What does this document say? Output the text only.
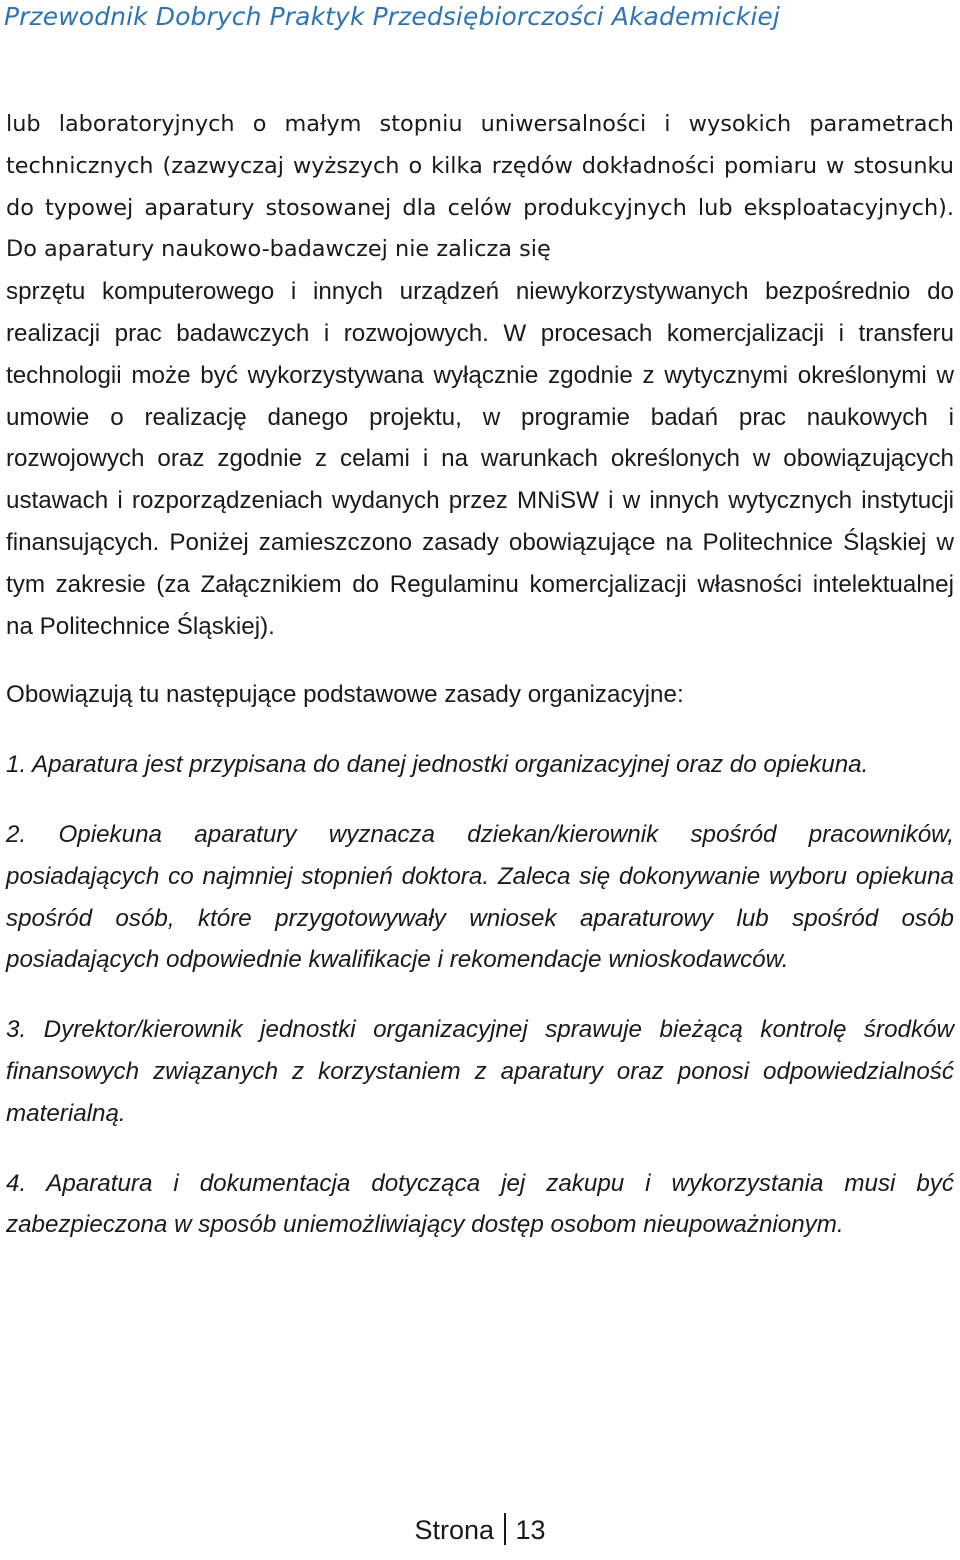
Przewodnik Dobrych Praktyk Przedsiębiorczości Akademickiej

lub laboratoryjnych o małym stopniu uniwersalności i wysokich parametrach technicznych (zazwyczaj wyższych o kilka rzędów dokładności pomiaru w stosunku do typowej aparatury stosowanej dla celów produkcyjnych lub eksploatacyjnych). Do aparatury naukowo-badawczej nie zalicza się

sprzętu komputerowego i innych urządzeń niewykorzystywanych bezpośrednio do realizacji prac badawczych i rozwojowych. W procesach komercjalizacji i transferu technologii może być wykorzystywana wyłącznie zgodnie z wytycznymi określonymi w umowie o realizację danego projektu, w programie badań prac naukowych i rozwojowych oraz zgodnie z celami i na warunkach określonych w obowiązujących ustawach i rozporządzeniach wydanych przez MNiSW i w innych wytycznych instytucji finansujących. Poniżej zamieszczono zasady obowiązujące na Politechnice Śląskiej w tym zakresie (za Załącznikiem do Regulaminu komercjalizacji własności intelektualnej na Politechnice Śląskiej).

Obowiązują tu następujące podstawowe zasady organizacyjne:

1. Aparatura jest przypisana do danej jednostki organizacyjnej oraz do opiekuna.

2. Opiekuna aparatury wyznacza dziekan/kierownik spośród pracowników, posiadających co najmniej stopnień doktora. Zaleca się dokonywanie wyboru opiekuna spośród osób, które przygotowywały wniosek aparaturowy lub spośród osób posiadających odpowiednie kwalifikacje i rekomendacje wnioskodawców.

3. Dyrektor/kierownik jednostki organizacyjnej sprawuje bieżącą kontrolę środków finansowych związanych z korzystaniem z aparatury oraz ponosi odpowiedzialność materialną.

4. Aparatura i dokumentacja dotycząca jej zakupu i wykorzystania musi być zabezpieczona w sposób uniemożliwiający dostęp osobom nieupoważnionym.

Strona 13
